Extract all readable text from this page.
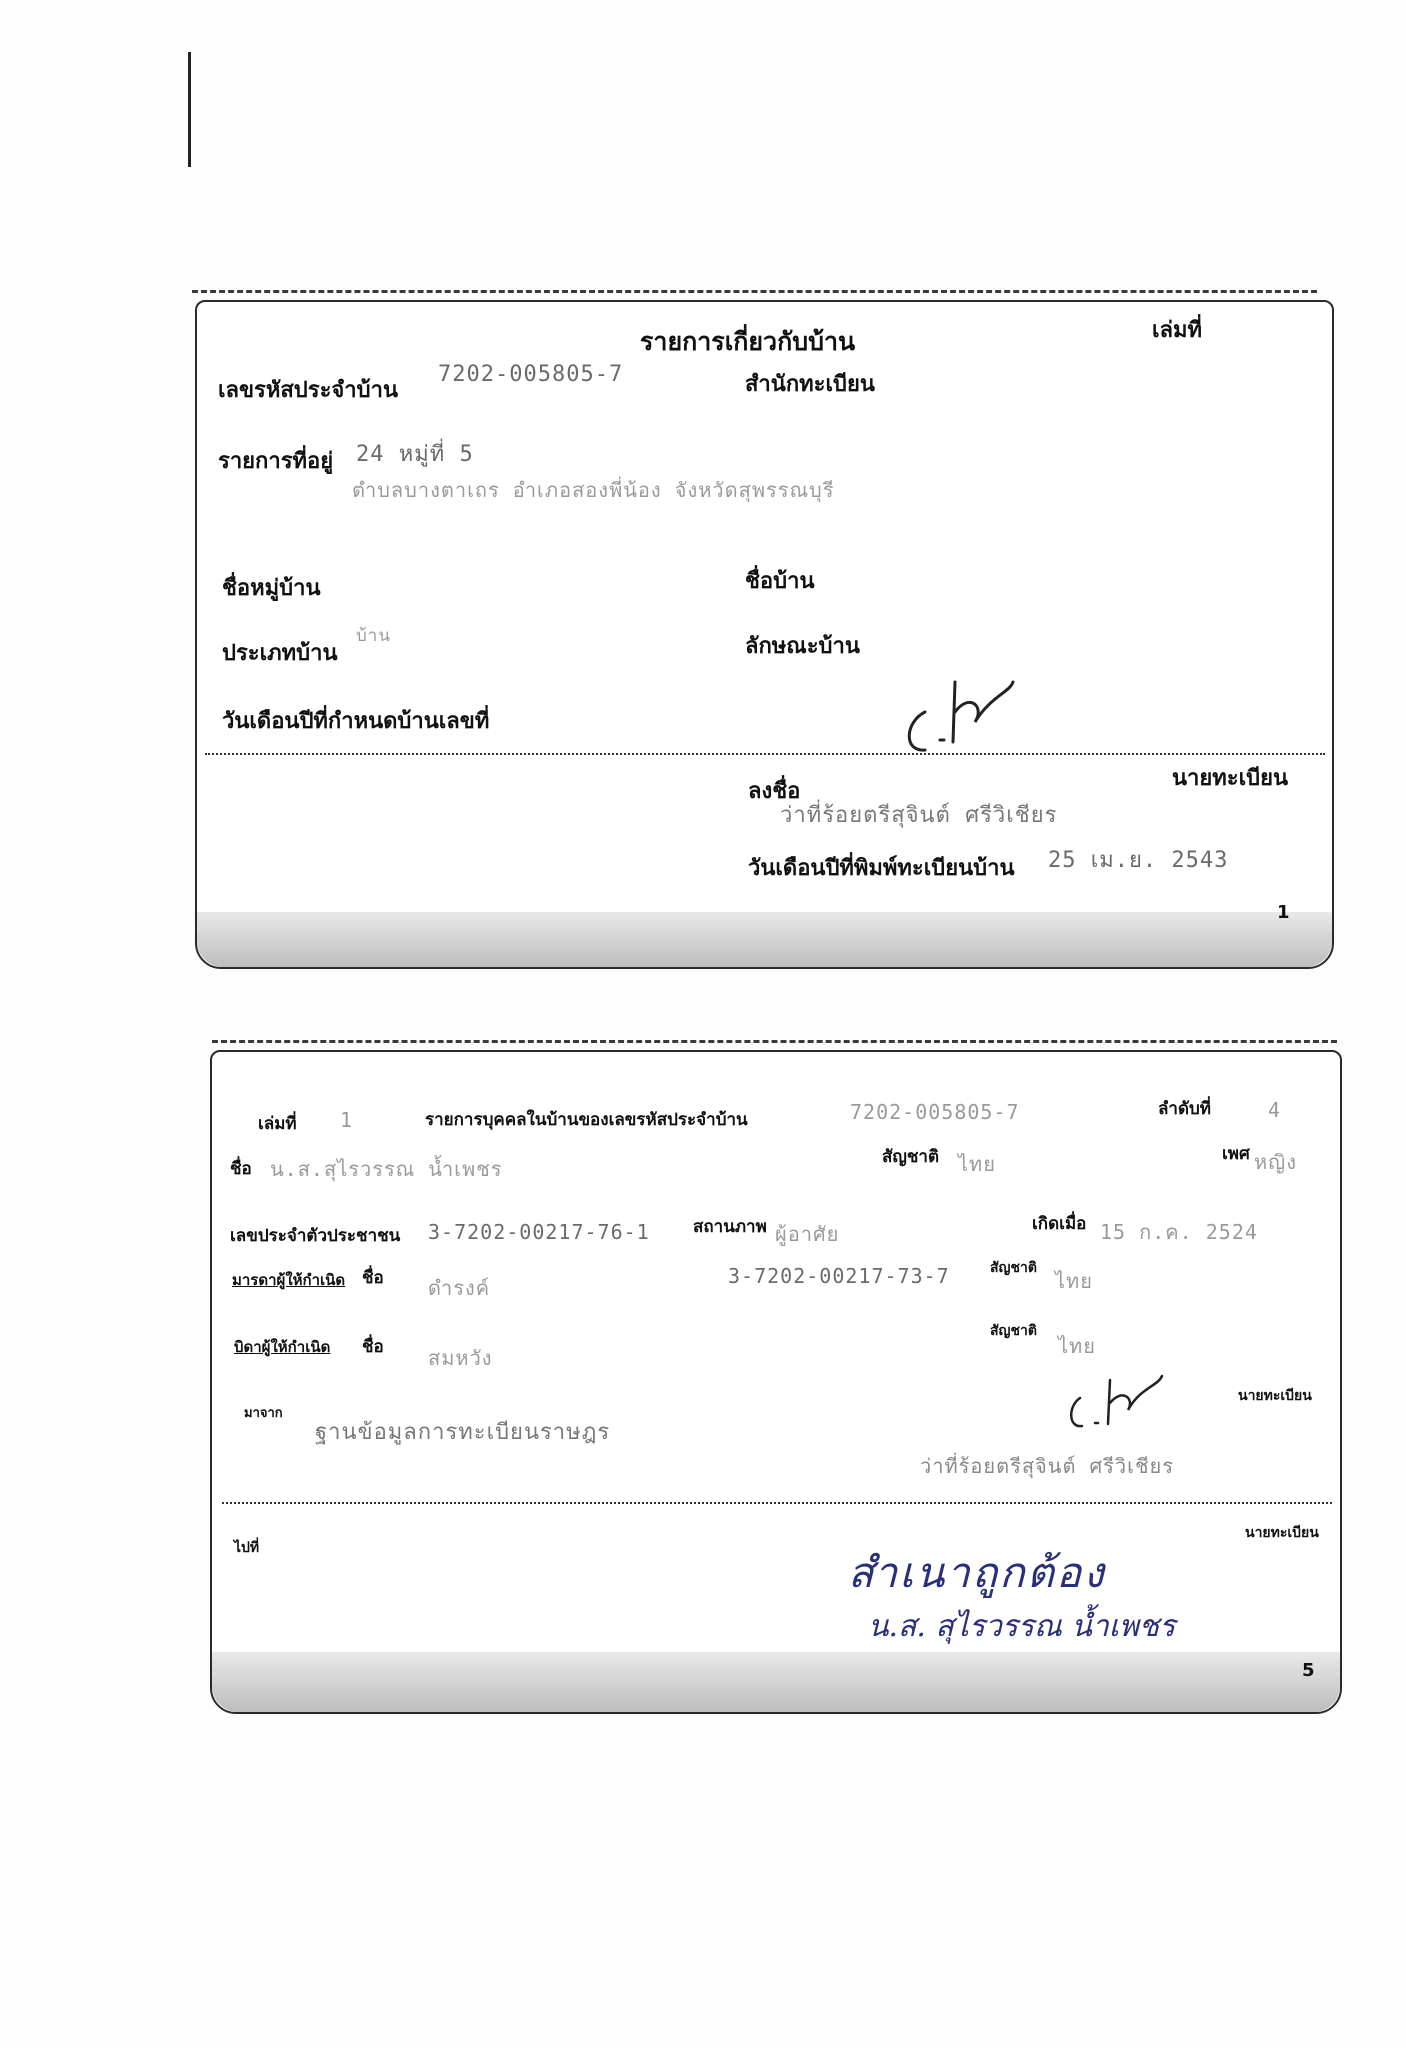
รายการเกี่ยวกับบ้าน	เล่มที่
เลขรหัสประจำบ้าน
7202-005805-7	สำนักทะเบียน
รายการที่อยู่ 24 หมู่ที่ 5
ตำบลบางตาเถร อำเภอสองพี่น้อง จังหวัดสุพรรณบุรี
ชื่อหมู่บ้าน	ชื่อบ้าน
ประเภทบ้าน
บ้าน	ลักษณะบ้าน
วันเดือนปีที่กำหนดบ้านเลขที่
ลงชื่อ	นายทะเบียน
ว่าที่ร้อยตรีสุจินต์ ศรีวิเชียร
วันเดือนปีที่พิมพ์ทะเบียนบ้าน 25 เม.ย. 2543
1
เล่มที่ 1	รายการบุคคลในบ้านของเลขรหัสประจำบ้าน	7202-005805-7	ลำดับที่	4
ชื่อ น.ส.สุไรวรรณ น้ำเพชร	สัญชาติ ไทย	เพศ หญิง
เลขประจำตัวประชาชน 3-7202-00217-76-1	สถานภาพ ผู้อาศัย	เกิดเมื่อ 15 ก.ค. 2524
มารดาผู้ให้กำเนิด ชื่อ ดำรงค์	3-7202-00217-73-7	สัญชาติ
ไทย
บิดาผู้ให้กำเนิด ชื่อ สมหวัง
สัญชาติ
ไทย
นายทะเบียน
มาจาก
ฐานข้อมูลการทะเบียนราษฎร
ว่าที่ร้อยตรีสุจินต์ ศรีวิเชียร
ไปที่
นายทะเบียน
สำเนาถูกต้อง
น.ส. สุไรวรรณ น้ำเพชร
5
